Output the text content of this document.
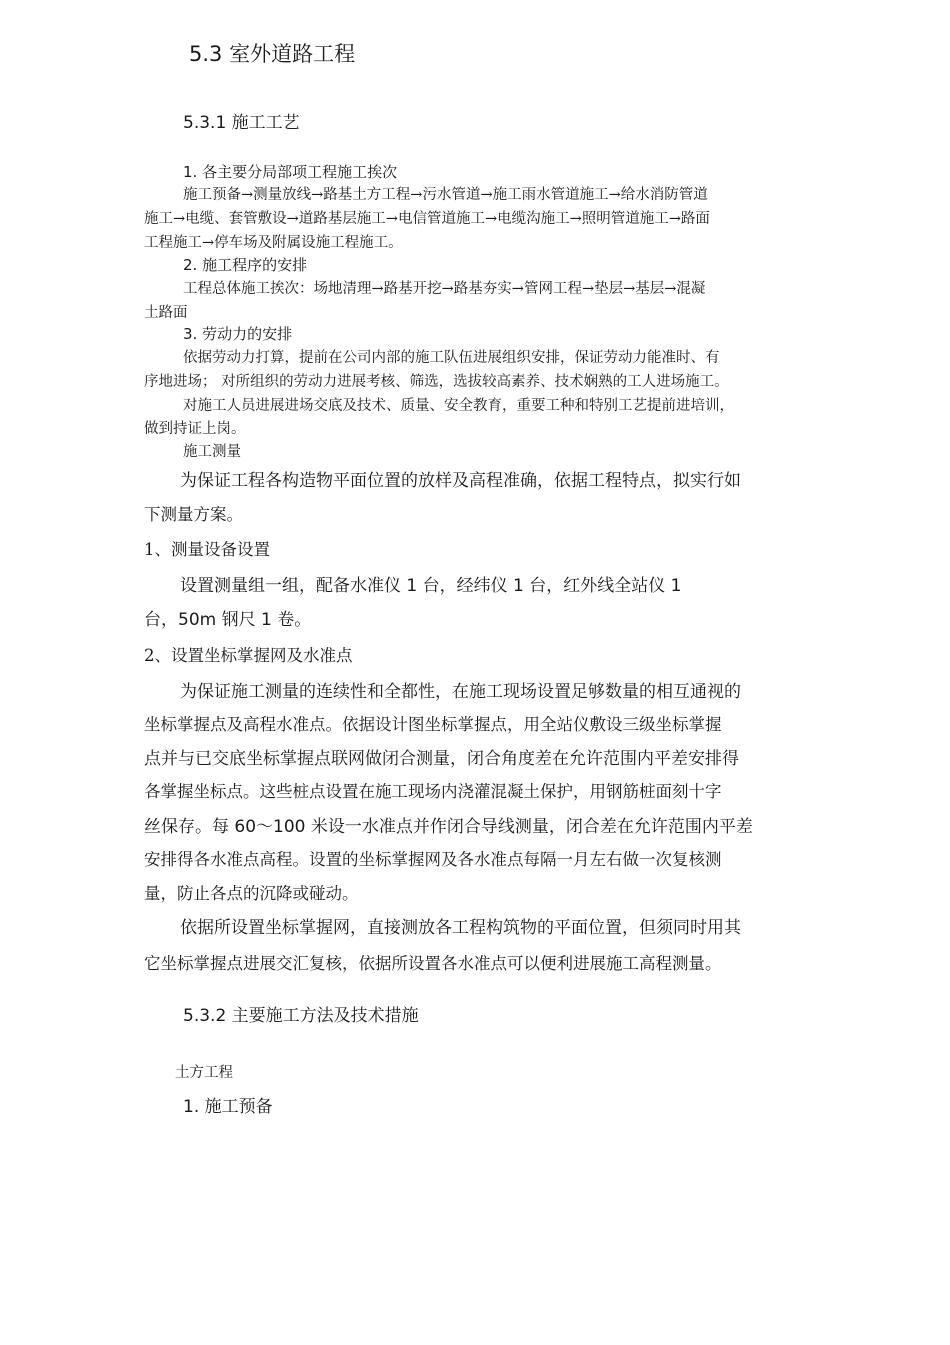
5.3 室外道路工程
5.3.1 施工工艺
1. 各主要分局部项工程施工挨次
施工预备→测量放线→路基土方工程→污水管道→施工雨水管道施工→给水消防管道
施工→电缆、套管敷设→道路基层施工→电信管道施工→电缆沟施工→照明管道施工→路面
工程施工→停车场及附属设施工程施工。
2. 施工程序的安排
工程总体施工挨次：场地清理→路基开挖→路基夯实→管网工程→垫层→基层→混凝
土路面
3. 劳动力的安排
依据劳动力打算，提前在公司内部的施工队伍进展组织安排，保证劳动力能准时、有
序地进场； 对所组织的劳动力进展考核、筛选，选拔较高素养、技术娴熟的工人进场施工。
对施工人员进展进场交底及技术、质量、安全教育，重要工种和特别工艺提前进培训，
做到持证上岗。
施工测量
为保证工程各构造物平面位置的放样及高程准确，依据工程特点，拟实行如
下测量方案。
1、测量设备设置
设置测量组一组，配备水准仪 1 台，经纬仪 1 台，红外线全站仪 1
台，50m 钢尺 1 卷。
2、设置坐标掌握网及水准点
为保证施工测量的连续性和全都性，在施工现场设置足够数量的相互通视的
坐标掌握点及高程水准点。依据设计图坐标掌握点，用全站仪敷设三级坐标掌握
点并与已交底坐标掌握点联网做闭合测量，闭合角度差在允许范围内平差安排得
各掌握坐标点。这些桩点设置在施工现场内浇灌混凝土保护，用钢筋桩面刻十字
丝保存。每 60～100 米设一水准点并作闭合导线测量，闭合差在允许范围内平差
安排得各水准点高程。设置的坐标掌握网及各水准点每隔一月左右做一次复核测
量，防止各点的沉降或碰动。
依据所设置坐标掌握网，直接测放各工程构筑物的平面位置，但须同时用其
它坐标掌握点进展交汇复核，依据所设置各水准点可以便利进展施工高程测量。
5.3.2 主要施工方法及技术措施
土方工程
1. 施工预备
